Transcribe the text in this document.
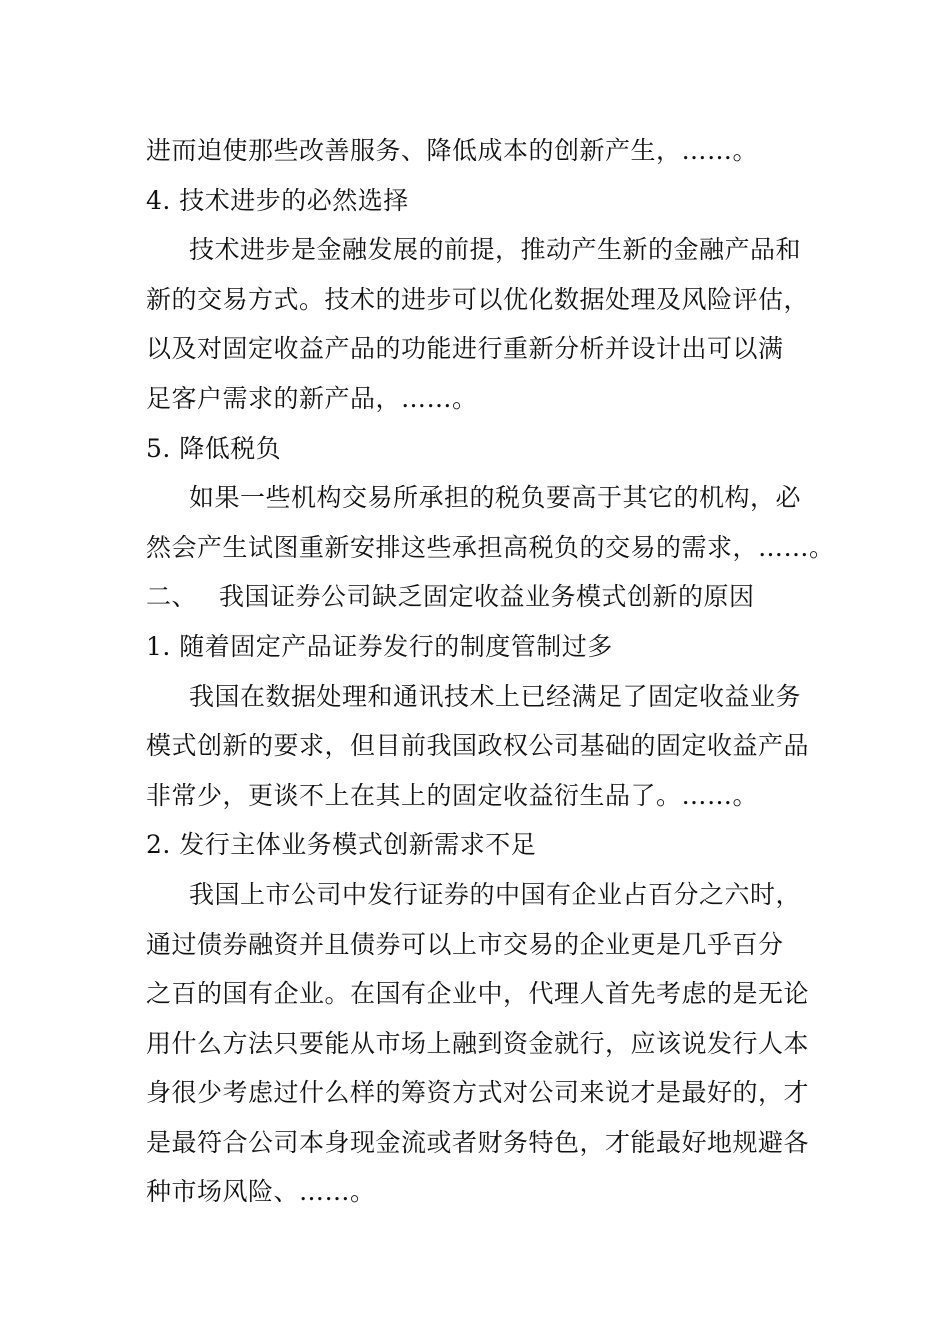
进而迫使那些改善服务、降低成本的创新产生，……。
4. 技术进步的必然选择
技术进步是金融发展的前提，推动产生新的金融产品和
新的交易方式。技术的进步可以优化数据处理及风险评估，
以及对固定收益产品的功能进行重新分析并设计出可以满
足客户需求的新产品，……。
5. 降低税负
如果一些机构交易所承担的税负要高于其它的机构，必
然会产生试图重新安排这些承担高税负的交易的需求，……。
二、 我国证券公司缺乏固定收益业务模式创新的原因
1. 随着固定产品证券发行的制度管制过多
我国在数据处理和通讯技术上已经满足了固定收益业务
模式创新的要求，但目前我国政权公司基础的固定收益产品
非常少，更谈不上在其上的固定收益衍生品了。……。
2. 发行主体业务模式创新需求不足
我国上市公司中发行证券的中国有企业占百分之六时，
通过债券融资并且债券可以上市交易的企业更是几乎百分
之百的国有企业。在国有企业中，代理人首先考虑的是无论
用什么方法只要能从市场上融到资金就行，应该说发行人本
身很少考虑过什么样的筹资方式对公司来说才是最好的，才
是最符合公司本身现金流或者财务特色，才能最好地规避各
种市场风险、……。
